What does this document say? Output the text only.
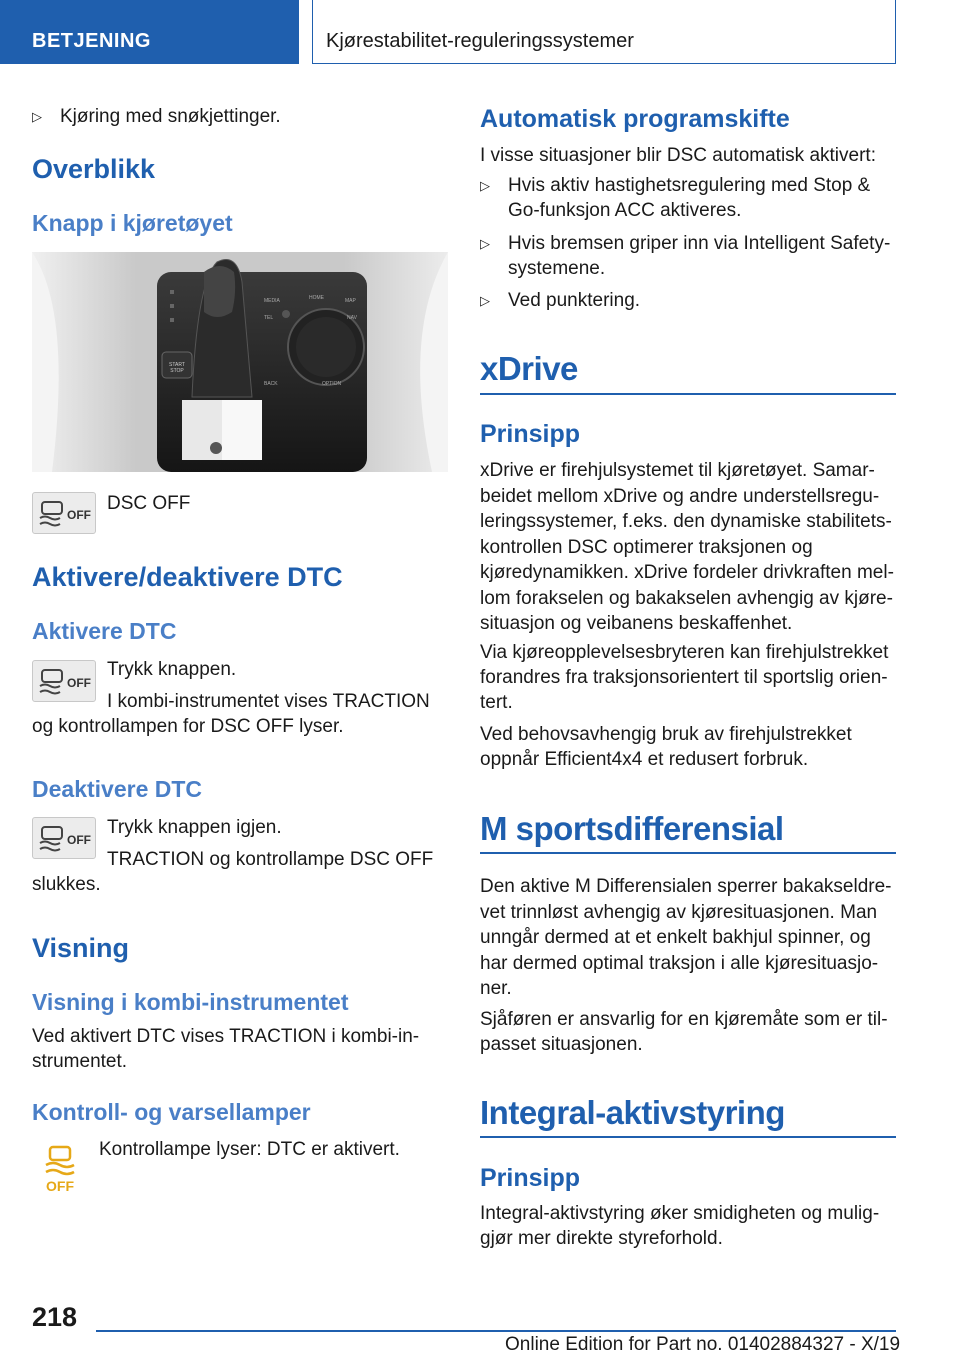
BETJENING	Kjørestabilitet-reguleringssystemer
▷ Kjøring med snøkjettinger.
Overblikk
Knapp i kjøretøyet
START
STOP
MEDIA	HOME	MAP
TEL	NAV
BACK	OPTION
OFF
DSC OFF
Aktivere/deaktivere DTC
Aktivere DTC
OFF
Trykk knappen.
I kombi-instrumentet vises TRACTION
og kontrollampen for DSC OFF lyser.
Deaktivere DTC
OFF
Trykk knappen igjen.
TRACTION og kontrollampe DSC OFF
slukkes.
Visning
Visning i kombi-instrumentet
Ved aktivert DTC vises TRACTION i kombi-in-
strumentet.
Kontroll- og varsellamper
OFF
Kontrollampe lyser: DTC er aktivert.
Automatisk programskifte
I visse situasjoner blir DSC automatisk aktivert:
▷ Hvis aktiv hastighetsregulering med Stop &
Go-funksjon ACC aktiveres.
▷ Hvis bremsen griper inn via Intelligent Safety-
systemene.
▷ Ved punktering.
xDrive
Prinsipp
xDrive er firehjulsystemet til kjøretøyet. Samar-
beidet mellom xDrive og andre understellsregu-
leringssystemer, f.eks. den dynamiske stabilitets-
kontrollen DSC optimerer traksjonen og
kjøredynamikken. xDrive fordeler drivkraften mel-
lom forakselen og bakakselen avhengig av kjøre-
situasjon og veibanens beskaffenhet.
Via kjøreopplevelsesbryteren kan firehjulstrekket
forandres fra traksjonsorientert til sportslig orien-
tert.
Ved behovsavhengig bruk av firehjulstrekket
oppnår Efficient4x4 et redusert forbruk.
M sportsdifferensial
Den aktive M Differensialen sperrer bakakseldre-
vet trinnløst avhengig av kjøresituasjonen. Man
unngår dermed at et enkelt bakhjul spinner, og
har dermed optimal traksjon i alle kjøresituasjo-
ner.
Sjåføren er ansvarlig for en kjøremåte som er til-
passet situasjonen.
Integral-aktivstyring
Prinsipp
Integral-aktivstyring øker smidigheten og mulig-
gjør mer direkte styreforhold.
218
Online Edition for Part no. 01402884327 - X/19
